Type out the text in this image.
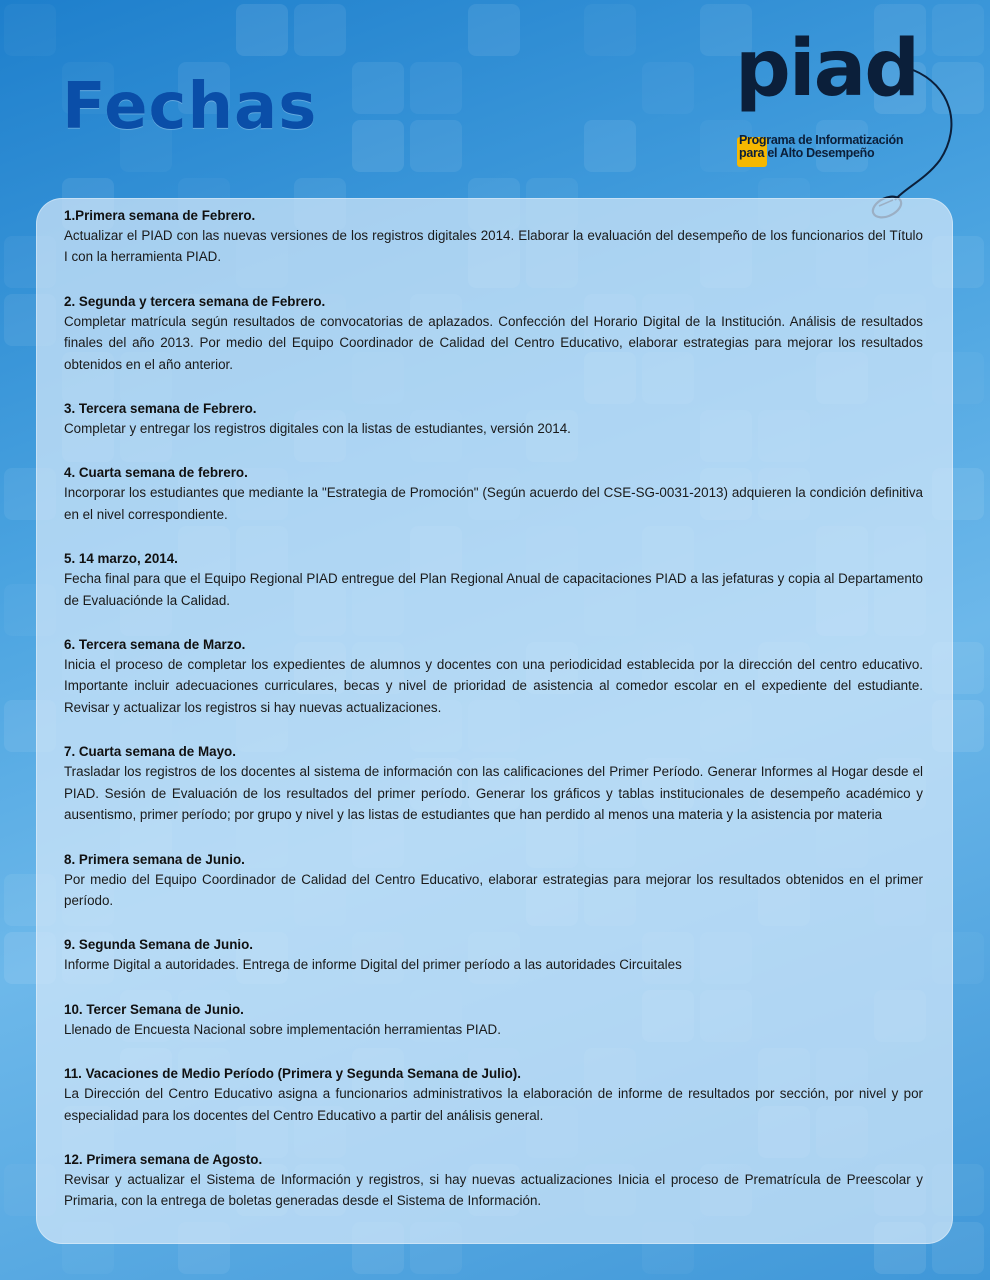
Fechas	piad
Programa de Informatización
para el Alto Desempeño

1.Primera semana de Febrero.

Actualizar el PIAD con las nuevas versiones de los registros digitales 2014. Elaborar la evaluación del desempeño de los funcionarios del Título I con la herramienta PIAD.

2. Segunda y tercera semana de Febrero.

Completar matrícula según resultados de convocatorias de aplazados. Confección del Horario Digital de la Institución. Análisis de resultados finales del año 2013. Por medio del Equipo Coordinador de Calidad del Centro Educativo, elaborar estrategias para mejorar los resultados obtenidos en el año anterior.

3. Tercera semana de Febrero.

Completar y entregar los registros digitales con la listas de estudiantes, versión 2014.

4. Cuarta semana de febrero.

Incorporar los estudiantes que mediante la "Estrategia de Promoción" (Según acuerdo del CSE-SG-0031-2013) adquieren la condición definitiva en el nivel correspondiente.

5. 14 marzo, 2014.

Fecha final para que el Equipo Regional PIAD entregue del Plan Regional Anual de capacitaciones PIAD a las jefaturas y copia al Departamento de Evaluaciónde la Calidad.

6. Tercera semana de Marzo.

Inicia el proceso de completar los expedientes de alumnos y docentes con una periodicidad establecida por la dirección del centro educativo. Importante incluir adecuaciones curriculares, becas y nivel de prioridad de asistencia al comedor escolar en el expediente del estudiante. Revisar y actualizar los registros si hay nuevas actualizaciones.

7. Cuarta semana de Mayo.

Trasladar los registros de los docentes al sistema de información con las calificaciones del Primer Período. Generar Informes al Hogar desde el PIAD. Sesión de Evaluación de los resultados del primer período. Generar los gráficos y tablas institucionales de desempeño académico y ausentismo, primer período; por grupo y nivel y las listas de estudiantes que han perdido al menos una materia y la asistencia por materia

8. Primera semana de Junio.

Por medio del Equipo Coordinador de Calidad del Centro Educativo, elaborar estrategias para mejorar los resultados obtenidos en el primer período.

9. Segunda Semana de Junio.

Informe Digital a autoridades. Entrega de informe Digital del primer período a las autoridades Circuitales

10. Tercer Semana de Junio.

Llenado de Encuesta Nacional sobre implementación herramientas PIAD.

11. Vacaciones de Medio Período (Primera y Segunda Semana de Julio).

La Dirección del Centro Educativo asigna a funcionarios administrativos la elaboración de informe de resultados por sección, por nivel y por especialidad para los docentes del Centro Educativo a partir del análisis general.

12. Primera semana de Agosto.

Revisar y actualizar el Sistema de Información y registros, si hay nuevas actualizaciones Inicia el proceso de Prematrícula de Preescolar y Primaria, con la entrega de boletas generadas desde el Sistema de Información.
